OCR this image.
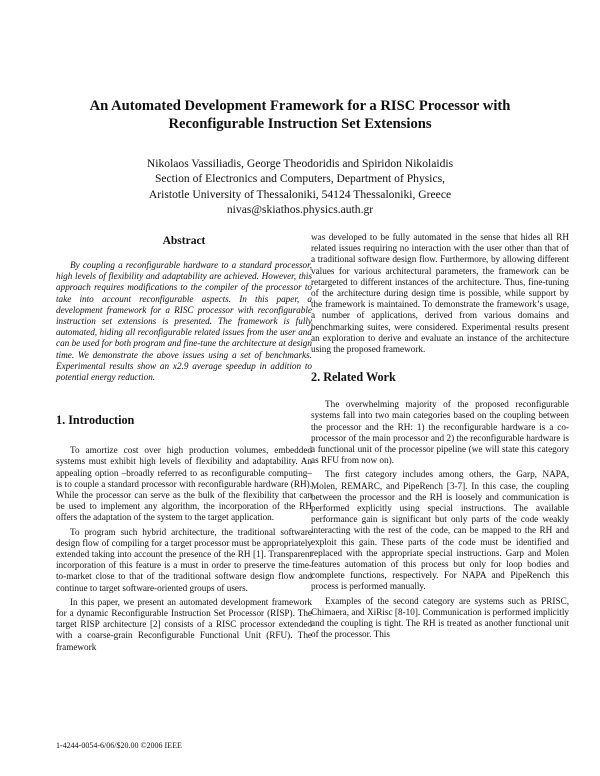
An Automated Development Framework for a RISC Processor with
Reconfigurable Instruction Set Extensions
Nikolaos Vassiliadis, George Theodoridis and Spiridon Nikolaidis
Section of Electronics and Computers, Department of Physics,
Aristotle University of Thessaloniki, 54124 Thessaloniki, Greece
nivas@skiathos.physics.auth.gr
Abstract

By coupling a reconfigurable hardware to a standard processor, high levels of flexibility and adaptability are achieved. However, this approach requires modifications to the compiler of the processor to take into account reconfigurable aspects. In this paper, a development framework for a RISC processor with reconfigurable instruction set extensions is presented. The framework is fully automated, hiding all reconfigurable related issues from the user and can be used for both program and fine-tune the architecture at design time. We demonstrate the above issues using a set of benchmarks. Experimental results show an x2.9 average speedup in addition to potential energy reduction.

1. Introduction

To amortize cost over high production volumes, embedded systems must exhibit high levels of flexibility and adaptability. An appealing option –broadly referred to as reconfigurable computing– is to couple a standard processor with reconfigurable hardware (RH). While the processor can serve as the bulk of the flexibility that can be used to implement any algorithm, the incorporation of the RH offers the adaptation of the system to the target application.

To program such hybrid architecture, the traditional software design flow of compiling for a target processor must be appropriately extended taking into account the presence of the RH [1]. Transparent incorporation of this feature is a must in order to preserve the time-to-market close to that of the traditional software design flow and continue to target software-oriented groups of users.

In this paper, we present an automated development framework for a dynamic Reconfigurable Instruction Set Processor (RISP). The target RISP architecture [2] consists of a RISC processor extended with a coarse-grain Reconfigurable Functional Unit (RFU). The framework

was developed to be fully automated in the sense that hides all RH related issues requiring no interaction with the user other than that of a traditional software design flow. Furthermore, by allowing different values for various architectural parameters, the framework can be retargeted to different instances of the architecture. Thus, fine-tuning of the architecture during design time is possible, while support by the framework is maintained. To demonstrate the framework’s usage, a number of applications, derived from various domains and benchmarking suites, were considered. Experimental results present an exploration to derive and evaluate an instance of the architecture using the proposed framework.

2. Related Work

The overwhelming majority of the proposed reconfigurable systems fall into two main categories based on the coupling between the processor and the RH: 1) the reconfigurable hardware is a co-processor of the main processor and 2) the reconfigurable hardware is a functional unit of the processor pipeline (we will state this category as RFU from now on).

The first category includes among others, the Garp, NAPA, Molen, REMARC, and PipeRench [3-7]. In this case, the coupling between the processor and the RH is loosely and communication is performed explicitly using special instructions. The available performance gain is significant but only parts of the code weakly interacting with the rest of the code, can be mapped to the RH and exploit this gain. These parts of the code must be identified and replaced with the appropriate special instructions. Garp and Molen features automation of this process but only for loop bodies and complete functions, respectively. For NAPA and PipeRench this process is performed manually.

Examples of the second category are systems such as PRISC, Chimaera, and XiRisc [8-10]. Communication is performed implicitly and the coupling is tight. The RH is treated as another functional unit of the processor. This

1-4244-0054-6/06/$20.00 ©2006 IEEE
